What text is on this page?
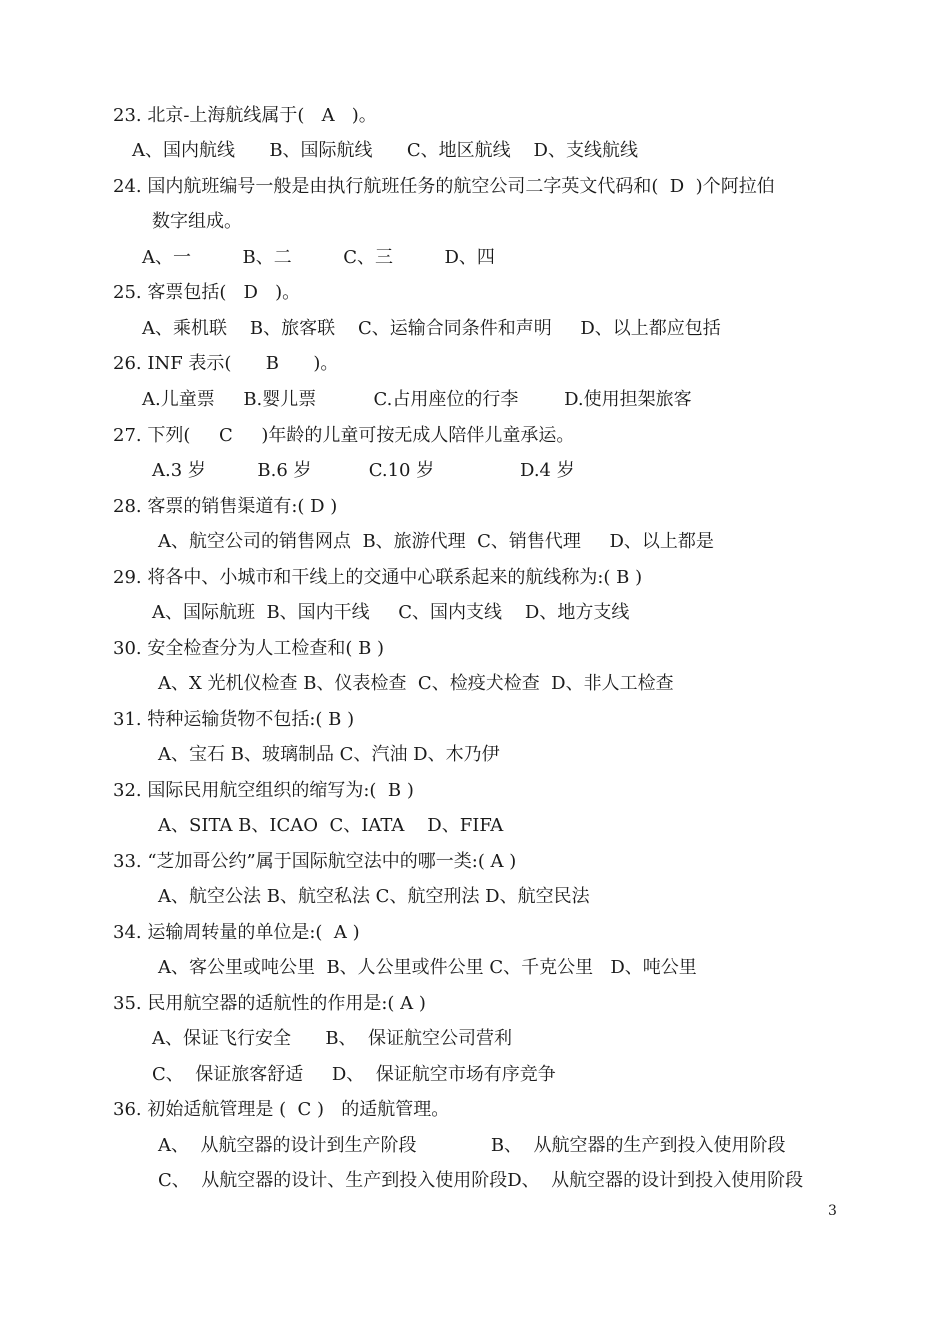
23. 北京-上海航线属于(   A   )。
A、国内航线      B、国际航线      C、地区航线    D、支线航线
24. 国内航班编号一般是由执行航班任务的航空公司二字英文代码和(  D  )个阿拉伯
数字组成。
A、一         B、二         C、三         D、四
25. 客票包括(   D   )。
A、乘机联    B、旅客联    C、运输合同条件和声明     D、以上都应包括
26. INF 表示(      B      )。
A.儿童票     B.婴儿票          C.占用座位的行李        D.使用担架旅客
27. 下列(     C     )年龄的儿童可按无成人陪伴儿童承运。
A.3 岁         B.6 岁          C.10 岁               D.4 岁
28. 客票的销售渠道有:( D )
A、航空公司的销售网点  B、旅游代理  C、销售代理     D、以上都是
29. 将各中、小城市和干线上的交通中心联系起来的航线称为:( B )
A、国际航班  B、国内干线     C、国内支线    D、地方支线
30. 安全检查分为人工检查和( B )
A、X 光机仪检查 B、仪表检查  C、检疫犬检查  D、非人工检查
31. 特种运输货物不包括:( B )
A、宝石 B、玻璃制品 C、汽油 D、木乃伊
32. 国际民用航空组织的缩写为:(  B )
A、SITA B、ICAO  C、IATA    D、FIFA
33. “芝加哥公约”属于国际航空法中的哪一类:( A )
A、航空公法 B、航空私法 C、航空刑法 D、航空民法
34. 运输周转量的单位是:(  A )
A、客公里或吨公里  B、人公里或件公里 C、千克公里   D、吨公里
35. 民用航空器的适航性的作用是:( A )
A、保证飞行安全      B、  保证航空公司营利
C、  保证旅客舒适     D、  保证航空市场有序竞争
36. 初始适航管理是 (  C )   的适航管理。
A、  从航空器的设计到生产阶段             B、  从航空器的生产到投入使用阶段
C、  从航空器的设计、生产到投入使用阶段D、  从航空器的设计到投入使用阶段
3
